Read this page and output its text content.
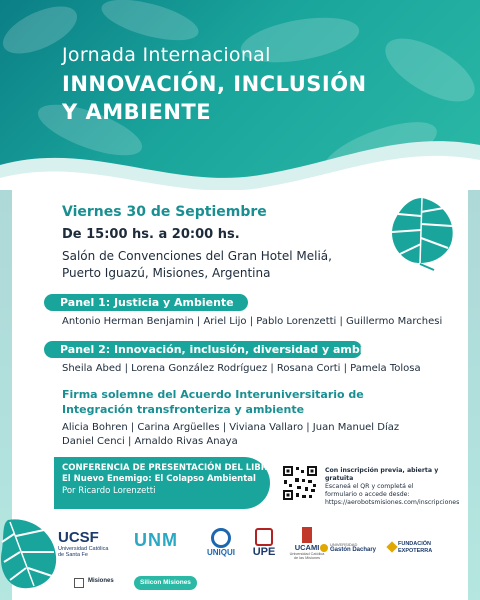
Jornada Internacional
INNOVACIÓN, INCLUSIÓN
Y AMBIENTE
Viernes 30 de Septiembre
De 15:00 hs. a 20:00 hs.
Salón de Convenciones del Gran Hotel Meliá,
Puerto Iguazú, Misiones, Argentina
Panel 1: Justicia y Ambiente
Antonio Herman Benjamin | Ariel Lijo | Pablo Lorenzetti | Guillermo Marchesi
Panel 2: Innovación, inclusión, diversidad y ambiente
Sheila Abed | Lorena González Rodríguez | Rosana Corti | Pamela Tolosa
Firma solemne del Acuerdo Interuniversitario de Integración transfronteriza y ambiente
Alicia Bohren | Carina Argüelles | Viviana Vallaro | Juan Manuel Díaz
Daniel Cenci | Arnaldo Rivas Anaya
CONFERENCIA DE PRESENTACIÓN DEL LIBRO
El Nuevo Enemigo: El Colapso Ambiental
Por Ricardo Lorenzetti
Con inscripción previa, abierta y gratuita
Escaneá el QR y completá el
formulario o accede desde:
https://aerobotsmisiones.com/inscripciones
UCSF
Universidad Católica
de Santa Fe
UNM
UNIQUI	UPE	UCAMI
Universidad Católica de las Misiones
UNIVERSIDAD
Gastón Dachary
FUNDACIÓN
EXPOTERRA
Misiones	Silicon Misiones
